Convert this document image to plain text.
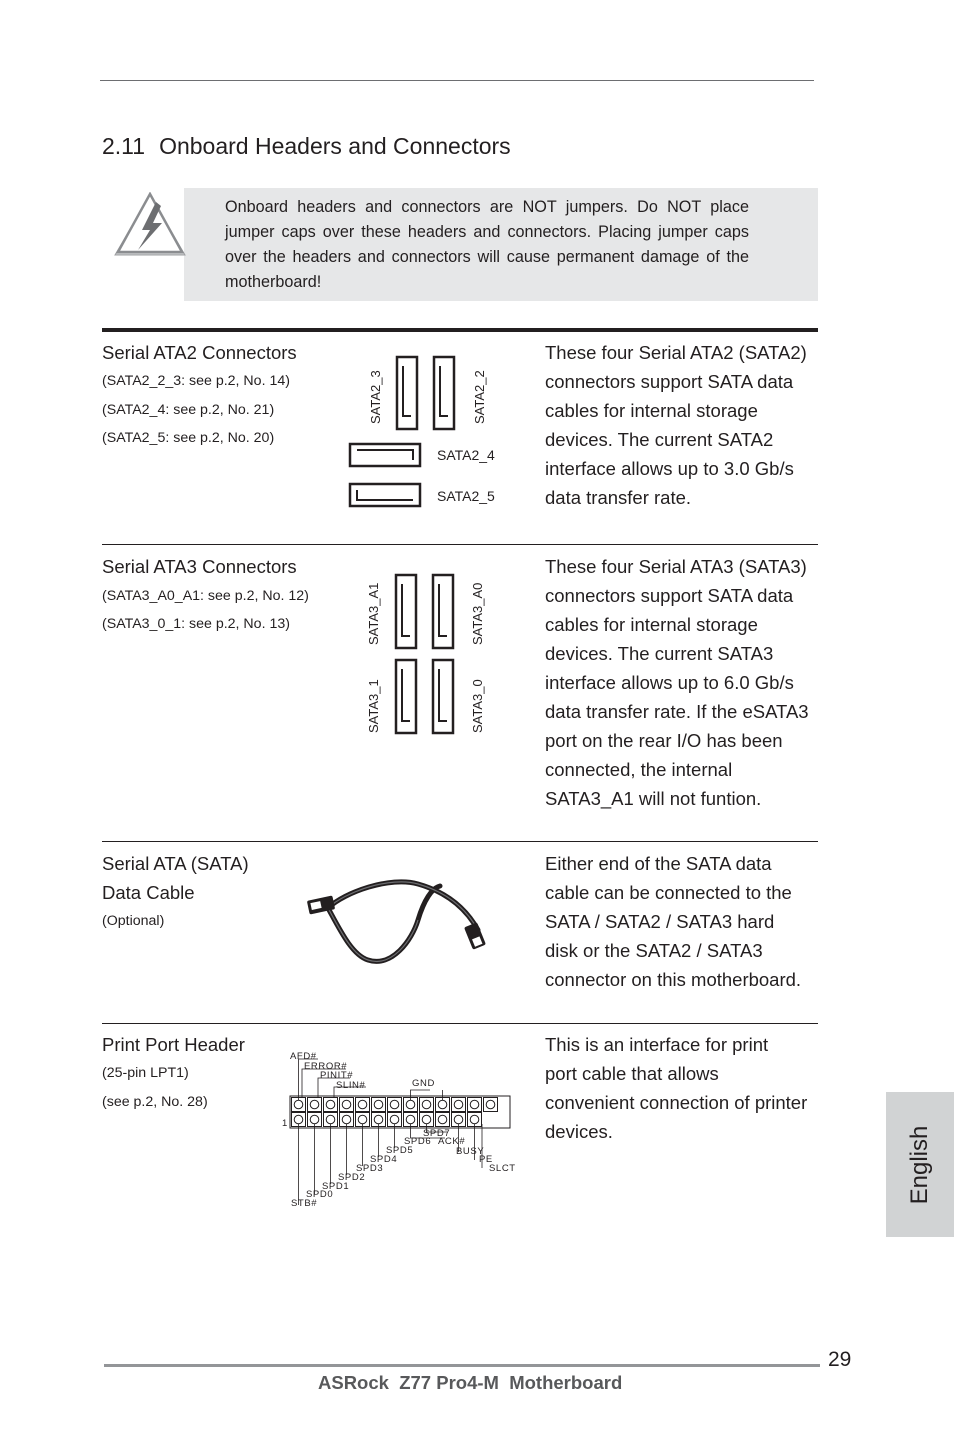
2.11 Onboard Headers and Connectors
Onboard headers and connectors are NOT jumpers. Do NOT place jumper caps over these headers and connectors. Placing jumper caps over the headers and connectors will cause permanent damage of the motherboard!
Serial ATA2 Connectors
(SATA2_2_3: see p.2, No. 14)
(SATA2_4: see p.2, No. 21)
(SATA2_5: see p.2, No. 20)
SATA2_3	SATA2_2
SATA2_4
SATA2_5
These four Serial ATA2 (SATA2)
connectors support SATA data
cables for internal storage
devices. The current SATA2
interface allows up to 3.0 Gb/s
data transfer rate.
Serial ATA3 Connectors
(SATA3_A0_A1: see p.2, No. 12)
(SATA3_0_1: see p.2, No. 13)	SATA3_A1	SATA3_A0
SATA3_1	SATA3_0
These four Serial ATA3 (SATA3)
connectors support SATA data
cables for internal storage
devices. The current SATA3
interface allows up to 6.0 Gb/s
data transfer rate. If the eSATA3
port on the rear I/O has been
connected, the internal
SATA3_A1 will not funtion.
Serial ATA (SATA)
Data Cable
(Optional)
Either end of the SATA data
cable can be connected to the
SATA / SATA2 / SATA3 hard
disk or the SATA2 / SATA3
connector on this motherboard.
Print Port Header
(25-pin LPT1)
(see p.2, No. 28)
AFD#
ERROR#
PINIT#
SLIN#	GND
1
SPD7
SPD6 ACK#
SPD5	BUSY
SPD4	PE
SPD3	SLCT
SPD2
SPD1
SPD0
STB#
This is an interface for print
port cable that allows
convenient connection of printer
devices.	English
29
ASRock  Z77 Pro4-M  Motherboard
